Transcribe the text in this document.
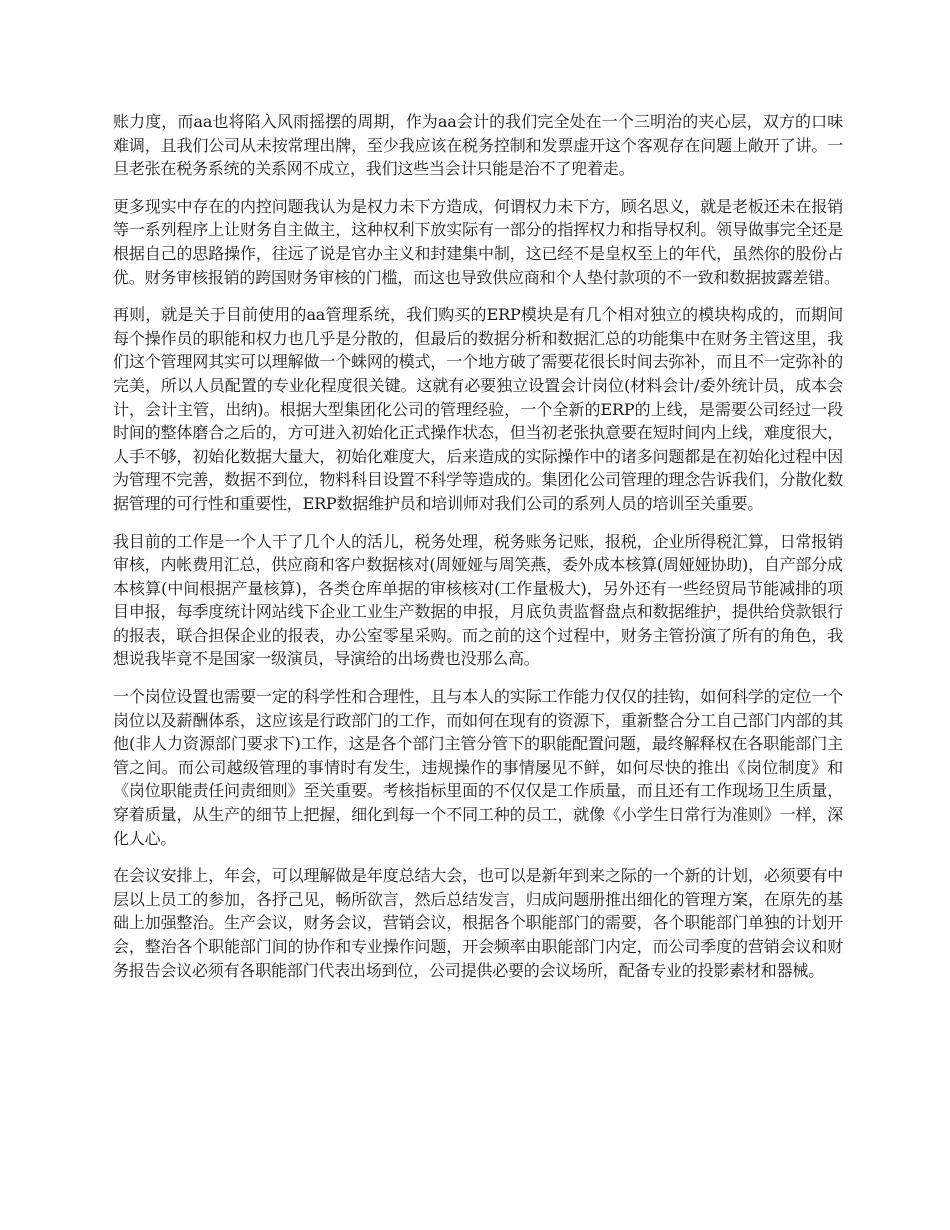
账力度，而aa也将陷入风雨摇摆的周期，作为aa会计的我们完全处在一个三明治的夹心层，双方的口味难调，且我们公司从未按常理出牌，至少我应该在税务控制和发票虚开这个客观存在问题上敞开了讲。一旦老张在税务系统的关系网不成立，我们这些当会计只能是治不了兜着走。

更多现实中存在的内控问题我认为是权力未下方造成，何谓权力未下方，顾名思义，就是老板还未在报销等一系列程序上让财务自主做主，这种权利下放实际有一部分的指挥权力和指导权利。领导做事完全还是根据自己的思路操作，往远了说是官办主义和封建集中制，这已经不是皇权至上的年代，虽然你的股份占优。财务审核报销的跨国财务审核的门槛，而这也导致供应商和个人垫付款项的不一致和数据披露差错。

再则，就是关于目前使用的aa管理系统，我们购买的ERP模块是有几个相对独立的模块构成的，而期间每个操作员的职能和权力也几乎是分散的，但最后的数据分析和数据汇总的功能集中在财务主管这里，我们这个管理网其实可以理解做一个蛛网的模式，一个地方破了需要花很长时间去弥补，而且不一定弥补的完美，所以人员配置的专业化程度很关键。这就有必要独立设置会计岗位(材料会计/委外统计员，成本会计，会计主管，出纳)。根据大型集团化公司的管理经验，一个全新的ERP的上线，是需要公司经过一段时间的整体磨合之后的，方可进入初始化正式操作状态，但当初老张执意要在短时间内上线，难度很大，人手不够，初始化数据大量大，初始化难度大，后来造成的实际操作中的诸多问题都是在初始化过程中因为管理不完善，数据不到位，物料科目设置不科学等造成的。集团化公司管理的理念告诉我们，分散化数据管理的可行性和重要性，ERP数据维护员和培训师对我们公司的系列人员的培训至关重要。

我目前的工作是一个人干了几个人的活儿，税务处理，税务账务记账，报税，企业所得税汇算，日常报销审核，内帐费用汇总，供应商和客户数据核对(周娅娅与周笑燕，委外成本核算(周娅娅协助)，自产部分成本核算(中间根据产量核算)，各类仓库单据的审核核对(工作量极大)，另外还有一些经贸局节能减排的项目申报，每季度统计网站线下企业工业生产数据的申报，月底负责监督盘点和数据维护，提供给贷款银行的报表，联合担保企业的报表，办公室零星采购。而之前的这个过程中，财务主管扮演了所有的角色，我想说我毕竟不是国家一级演员，导演给的出场费也没那么高。

一个岗位设置也需要一定的科学性和合理性，且与本人的实际工作能力仅仅的挂钩，如何科学的定位一个岗位以及薪酬体系，这应该是行政部门的工作，而如何在现有的资源下，重新整合分工自己部门内部的其他(非人力资源部门要求下)工作，这是各个部门主管分管下的职能配置问题，最终解释权在各职能部门主管之间。而公司越级管理的事情时有发生，违规操作的事情屡见不鲜，如何尽快的推出《岗位制度》和《岗位职能责任问责细则》至关重要。考核指标里面的不仅仅是工作质量，而且还有工作现场卫生质量，穿着质量，从生产的细节上把握，细化到每一个不同工种的员工，就像《小学生日常行为准则》一样，深化人心。

在会议安排上，年会，可以理解做是年度总结大会，也可以是新年到来之际的一个新的计划，必须要有中层以上员工的参加，各抒己见，畅所欲言，然后总结发言，归成问题册推出细化的管理方案，在原先的基础上加强整治。生产会议，财务会议，营销会议，根据各个职能部门的需要，各个职能部门单独的计划开会，整治各个职能部门间的协作和专业操作问题，开会频率由职能部门内定，而公司季度的营销会议和财务报告会议必须有各职能部门代表出场到位，公司提供必要的会议场所，配备专业的投影素材和器械。
